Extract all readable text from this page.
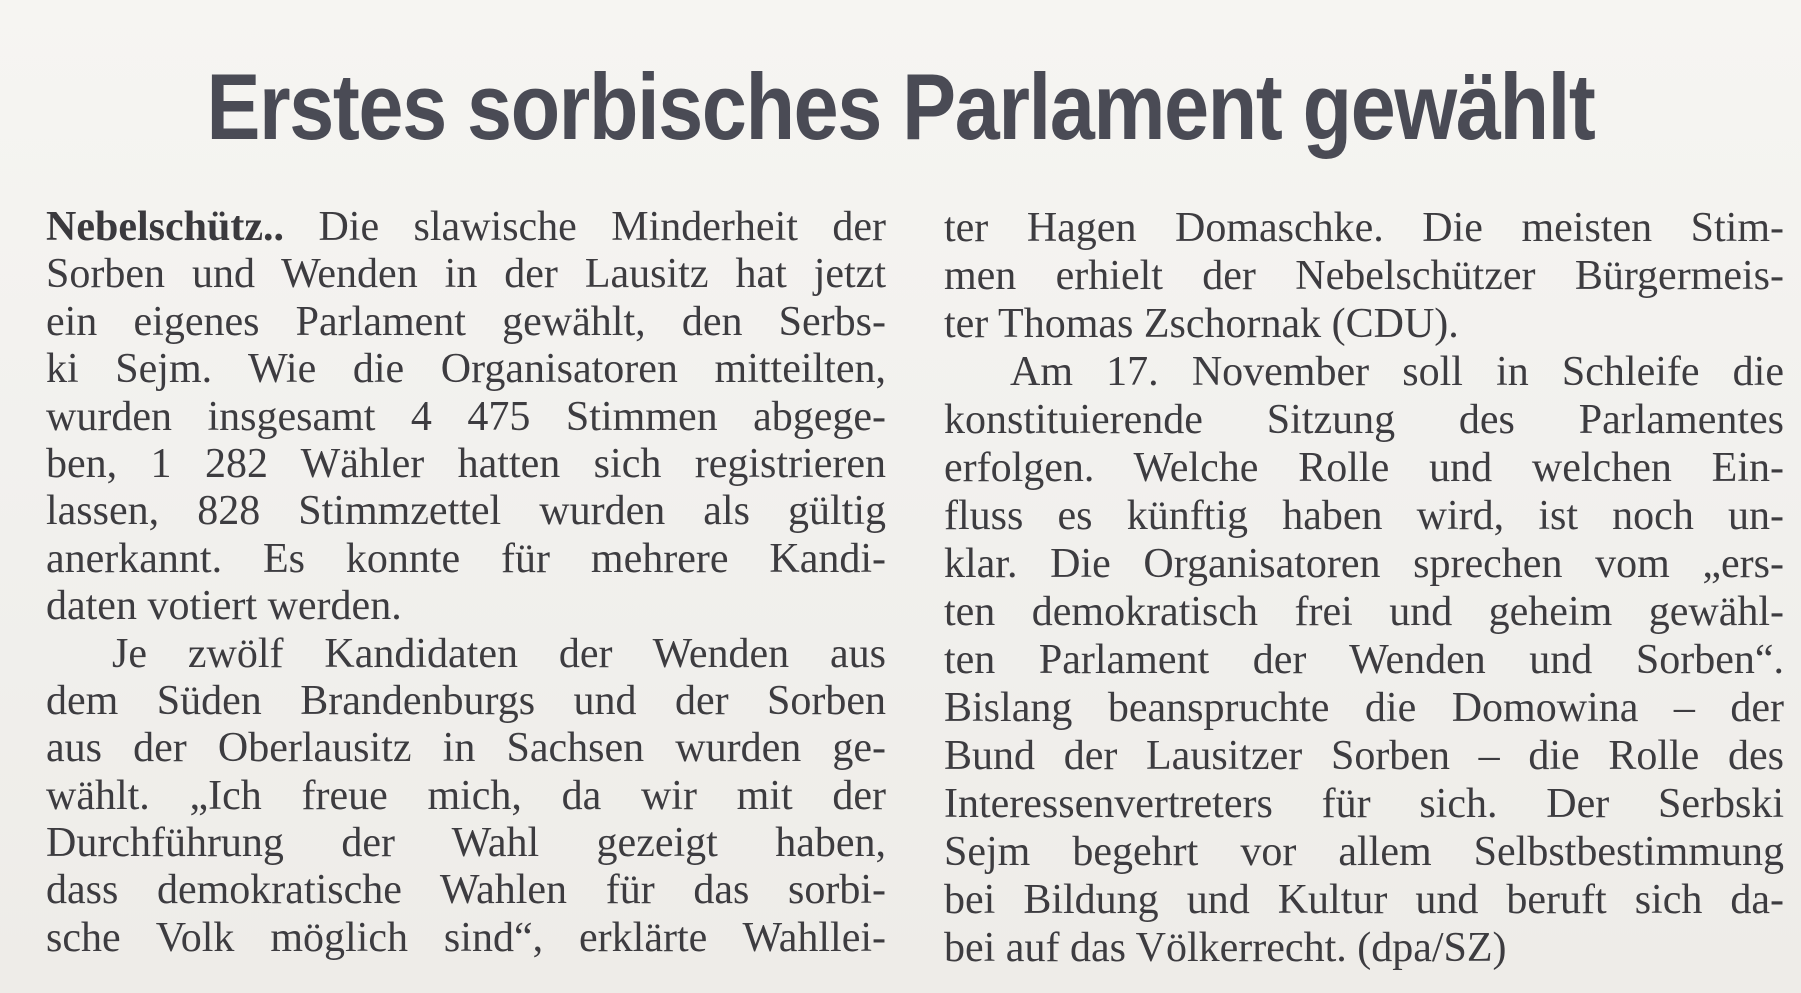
Erstes sorbisches Parlament gewählt
Nebelschütz.. Die slawische Minderheit der
Sorben und Wenden in der Lausitz hat jetzt
ein eigenes Parlament gewählt, den Serbs-
ki Sejm. Wie die Organisatoren mitteilten,
wurden insgesamt 4 475 Stimmen abgege-
ben, 1 282 Wähler hatten sich registrieren
lassen, 828 Stimmzettel wurden als gültig
anerkannt. Es konnte für mehrere Kandi-
daten votiert werden.
Je zwölf Kandidaten der Wenden aus
dem Süden Brandenburgs und der Sorben
aus der Oberlausitz in Sachsen wurden ge-
wählt. „Ich freue mich, da wir mit der
Durchführung der Wahl gezeigt haben,
dass demokratische Wahlen für das sorbi-
sche Volk möglich sind“, erklärte Wahllei-
ter Hagen Domaschke. Die meisten Stim-
men erhielt der Nebelschützer Bürgermeis-
ter Thomas Zschornak (CDU).
Am 17. November soll in Schleife die
konstituierende Sitzung des Parlamentes
erfolgen. Welche Rolle und welchen Ein-
fluss es künftig haben wird, ist noch un-
klar. Die Organisatoren sprechen vom „ers-
ten demokratisch frei und geheim gewähl-
ten Parlament der Wenden und Sorben“.
Bislang beanspruchte die Domowina – der
Bund der Lausitzer Sorben – die Rolle des
Interessenvertreters für sich. Der Serbski
Sejm begehrt vor allem Selbstbestimmung
bei Bildung und Kultur und beruft sich da-
bei auf das Völkerrecht. (dpa/SZ)
